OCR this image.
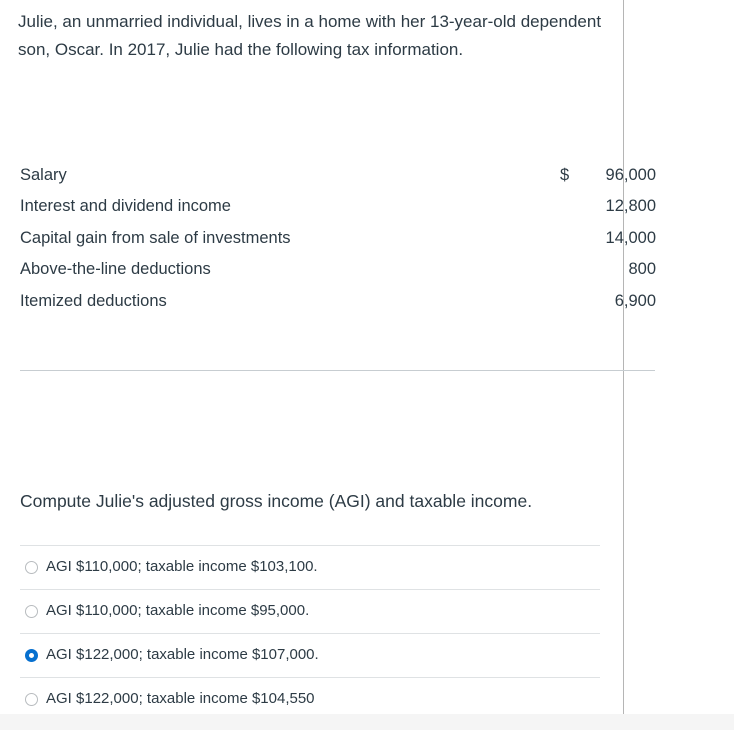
Julie, an unmarried individual, lives in a home with her 13-year-old dependent son, Oscar. In 2017, Julie had the following tax information.

Salary	$ 96,000
Interest and dividend income	12,800
Capital gain from sale of investments	14,000
Above-the-line deductions	800
Itemized deductions	6,900

Compute Julie's adjusted gross income (AGI) and taxable income.

AGI $110,000; taxable income $103,100.
AGI $110,000; taxable income $95,000.
AGI $122,000; taxable income $107,000.
AGI $122,000; taxable income $104,550
